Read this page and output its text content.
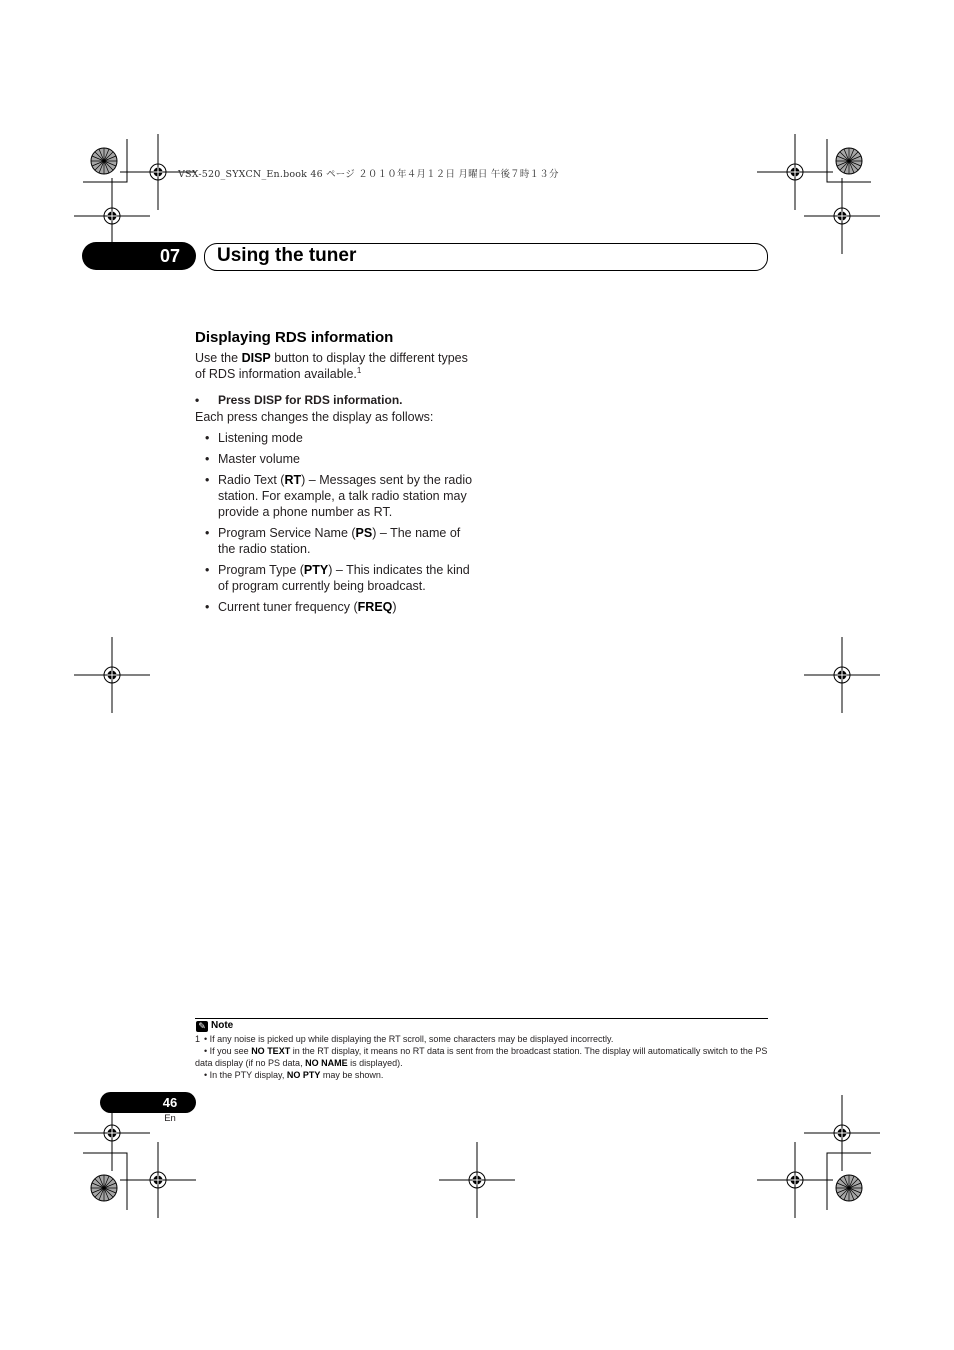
VSX-520_SYXCN_En.book 46 ページ ２０１０年４月１２日 月曜日 午後７時１３分
07	Using the tuner
Displaying RDS information

Use the DISP button to display the different types of RDS information available.$^1$

• Press DISP for RDS information.

Each press changes the display as follows:

• Listening mode
• Master volume
• Radio Text (RT) – Messages sent by the radio station. For example, a talk radio station may provide a phone number as RT.
• Program Service Name (PS) – The name of the radio station.
• Program Type (PTY) – This indicates the kind of program currently being broadcast.
• Current tuner frequency (FREQ)
✎ Note

1 • If any noise is picked up while displaying the RT scroll, some characters may be displayed incorrectly.

• If you see NO TEXT in the RT display, it means no RT data is sent from the broadcast station. The display will automatically switch to the PS data display (if no PS data, NO NAME is displayed).

• In the PTY display, NO PTY may be shown.

46
En
